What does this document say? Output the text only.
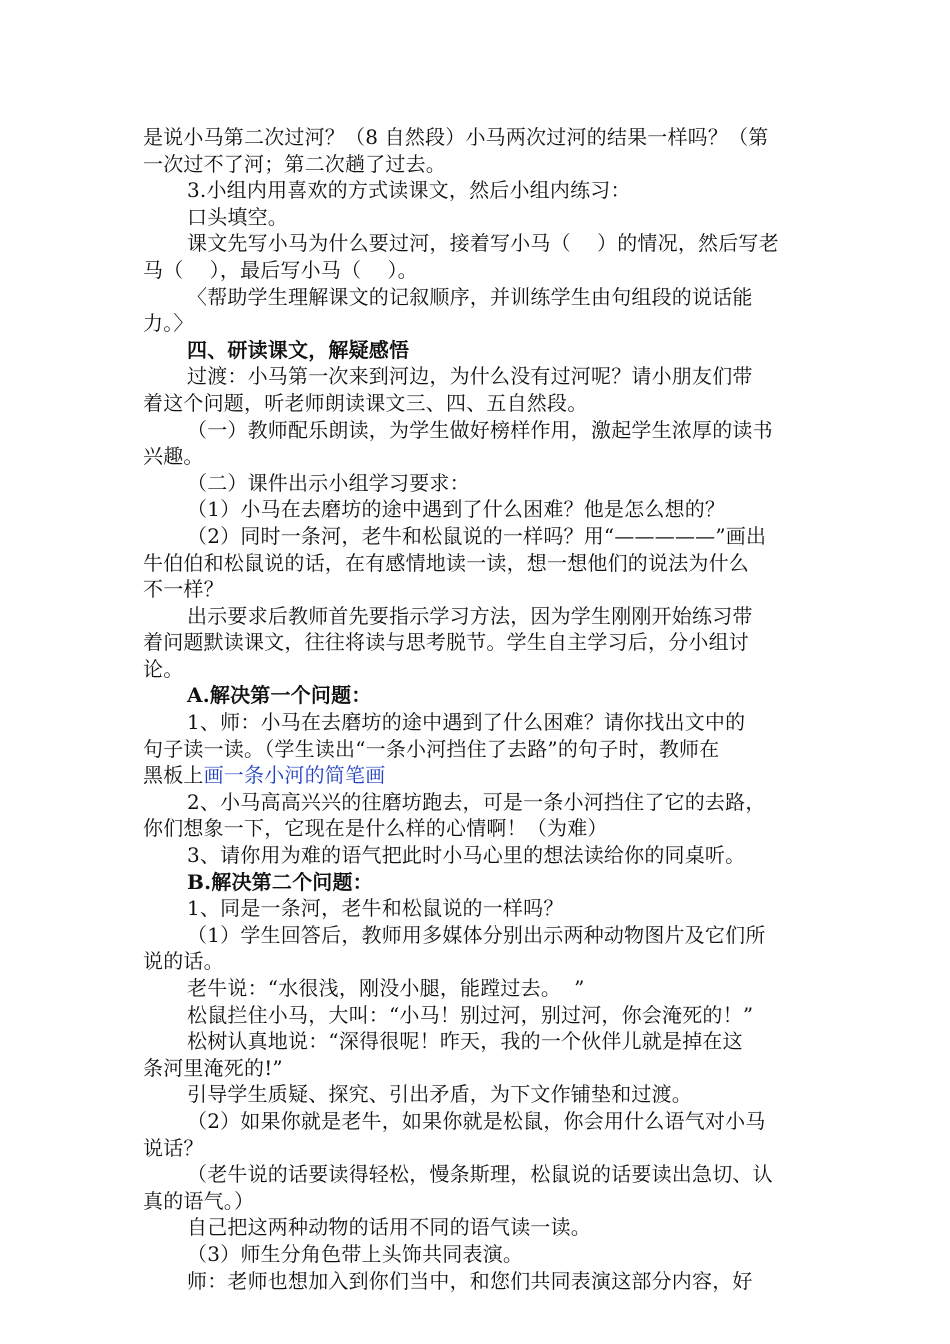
是说小马第二次过河？（8 自然段）小马两次过河的结果一样吗？（第
一次过不了河；第二次趟了过去。
3.小组内用喜欢的方式读课文，然后小组内练习：
口头填空。
课文先写小马为什么要过河，接着写小马（    ）的情况，然后写老
马（    ），最后写小马（    ）。
〈帮助学生理解课文的记叙顺序，并训练学生由句组段的说话能
力。〉
四、研读课文，解疑感悟
过渡：小马第一次来到河边，为什么没有过河呢？请小朋友们带
着这个问题，听老师朗读课文三、四、五自然段。
（一）教师配乐朗读，为学生做好榜样作用，激起学生浓厚的读书
兴趣。
（二）课件出示小组学习要求：
（1）小马在去磨坊的途中遇到了什么困难？他是怎么想的？
（2）同时一条河，老牛和松鼠说的一样吗？用“—————”画出
牛伯伯和松鼠说的话，在有感情地读一读，想一想他们的说法为什么
不一样？
出示要求后教师首先要指示学习方法，因为学生刚刚开始练习带
着问题默读课文，往往将读与思考脱节。学生自主学习后，分小组讨
论。
A.解决第一个问题：
1、师：小马在去磨坊的途中遇到了什么困难？请你找出文中的
句子读一读。（学生读出“一条小河挡住了去路”的句子时，教师在
黑板上画一条小河的简笔画
2、小马高高兴兴的往磨坊跑去，可是一条小河挡住了它的去路，
你们想象一下，它现在是什么样的心情啊！（为难）
3、请你用为难的语气把此时小马心里的想法读给你的同桌听。
B.解决第二个问题：
1、同是一条河，老牛和松鼠说的一样吗？
（1）学生回答后，教师用多媒体分别出示两种动物图片及它们所
说的话。
老牛说：“水很浅，刚没小腿，能蹚过去。  ”
松鼠拦住小马，大叫：“小马！别过河，别过河，你会淹死的！”
松树认真地说：“深得很呢！昨天，我的一个伙伴儿就是掉在这
条河里淹死的!”
引导学生质疑、探究、引出矛盾，为下文作铺垫和过渡。
（2）如果你就是老牛，如果你就是松鼠，你会用什么语气对小马
说话？
（老牛说的话要读得轻松，慢条斯理，松鼠说的话要读出急切、认
真的语气。）
自己把这两种动物的话用不同的语气读一读。
（3）师生分角色带上头饰共同表演。
师：老师也想加入到你们当中，和您们共同表演这部分内容，好
